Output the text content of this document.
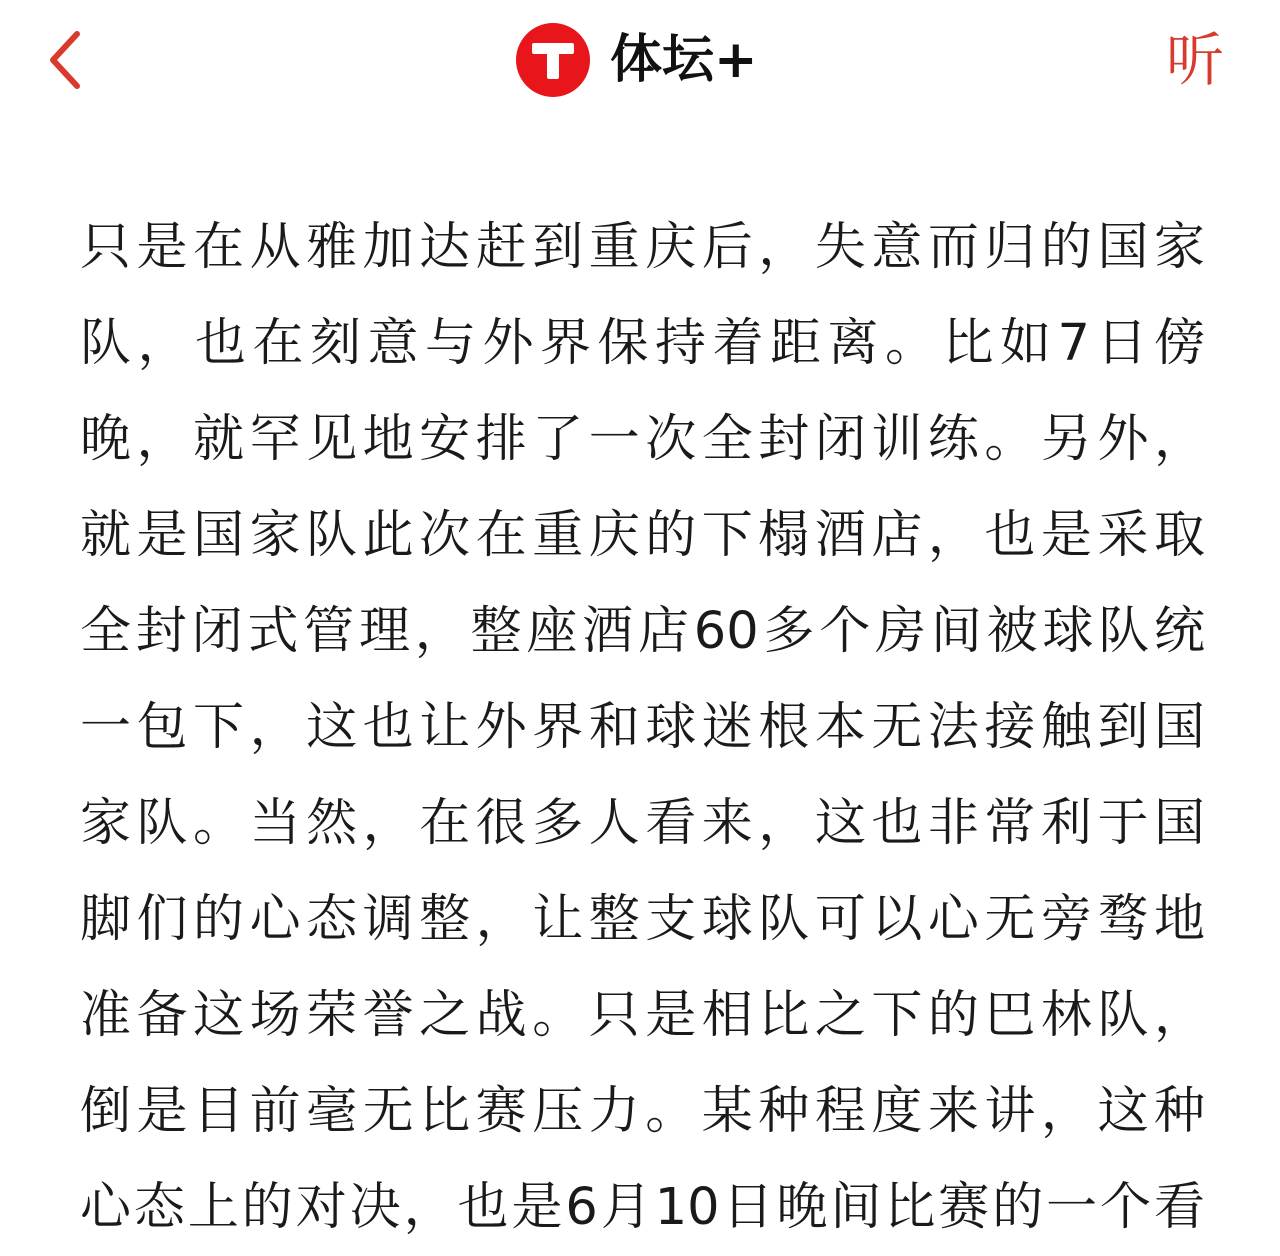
体坛+	听
只是在从雅加达赶到重庆后，失意而归的国家
队，也在刻意与外界保持着距离。比如7日傍
晚，就罕见地安排了一次全封闭训练。另外，
就是国家队此次在重庆的下榻酒店，也是采取
全封闭式管理，整座酒店60多个房间被球队统
一包下，这也让外界和球迷根本无法接触到国
家队。当然，在很多人看来，这也非常利于国
脚们的心态调整，让整支球队可以心无旁骛地
准备这场荣誉之战。只是相比之下的巴林队，
倒是目前毫无比赛压力。某种程度来讲，这种
心态上的对决，也是6月10日晚间比赛的一个看
